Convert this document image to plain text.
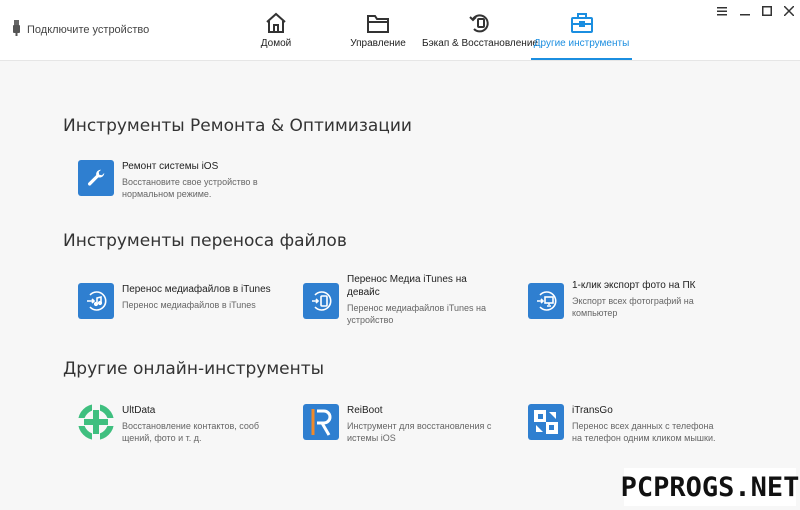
Подключите устройство
Домой	Управление Бэкап & Восстановление
Другие инструменты
Инструменты Ремонта & Оптимизации
Ремонт системы iOS
Восстановите свое устройство в
нормальном режиме.
Инструменты переноса файлов
Перенос медиафайлов в iTunes
Перенос медиафайлов в iTunes
Перенос Медиа iTunes на
девайс
Перенос медиафайлов iTunes на
устройство
1-клик экспорт фото на ПК
Экспорт всех фотографий на
компьютер
Другие онлайн-инструменты
UltData
Восстановление контактов, сооб
щений, фото и т. д.
ReiBoot
Инструмент для восстановления с
истемы iOS
iTransGo
Перенос всех данных с телефона
на телефон одним кликом мышки.
PCPROGS.NET
